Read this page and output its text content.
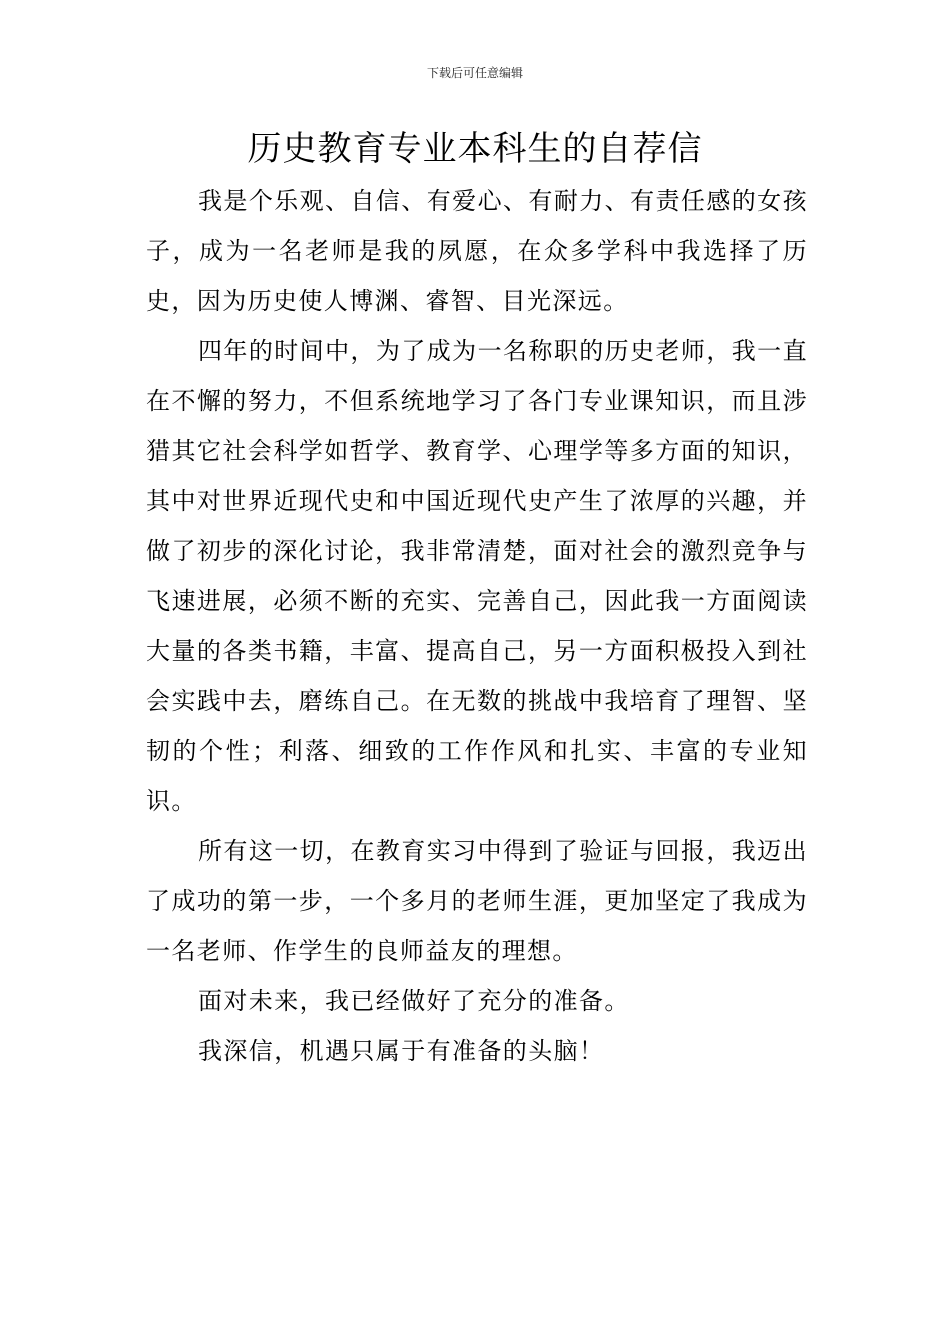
下载后可任意编辑
历史教育专业本科生的自荐信

我是个乐观、自信、有爱心、有耐力、有责任感的女孩子，成为一名老师是我的夙愿，在众多学科中我选择了历史，因为历史使人博渊、睿智、目光深远。

四年的时间中，为了成为一名称职的历史老师，我一直在不懈的努力，不但系统地学习了各门专业课知识，而且涉猎其它社会科学如哲学、教育学、心理学等多方面的知识，其中对世界近现代史和中国近现代史产生了浓厚的兴趣，并做了初步的深化讨论，我非常清楚，面对社会的激烈竞争与飞速进展，必须不断的充实、完善自己，因此我一方面阅读大量的各类书籍，丰富、提高自己，另一方面积极投入到社会实践中去，磨练自己。在无数的挑战中我培育了理智、坚韧的个性；利落、细致的工作作风和扎实、丰富的专业知识。

所有这一切，在教育实习中得到了验证与回报，我迈出了成功的第一步，一个多月的老师生涯，更加坚定了我成为一名老师、作学生的良师益友的理想。

面对未来，我已经做好了充分的准备。

我深信，机遇只属于有准备的头脑！
